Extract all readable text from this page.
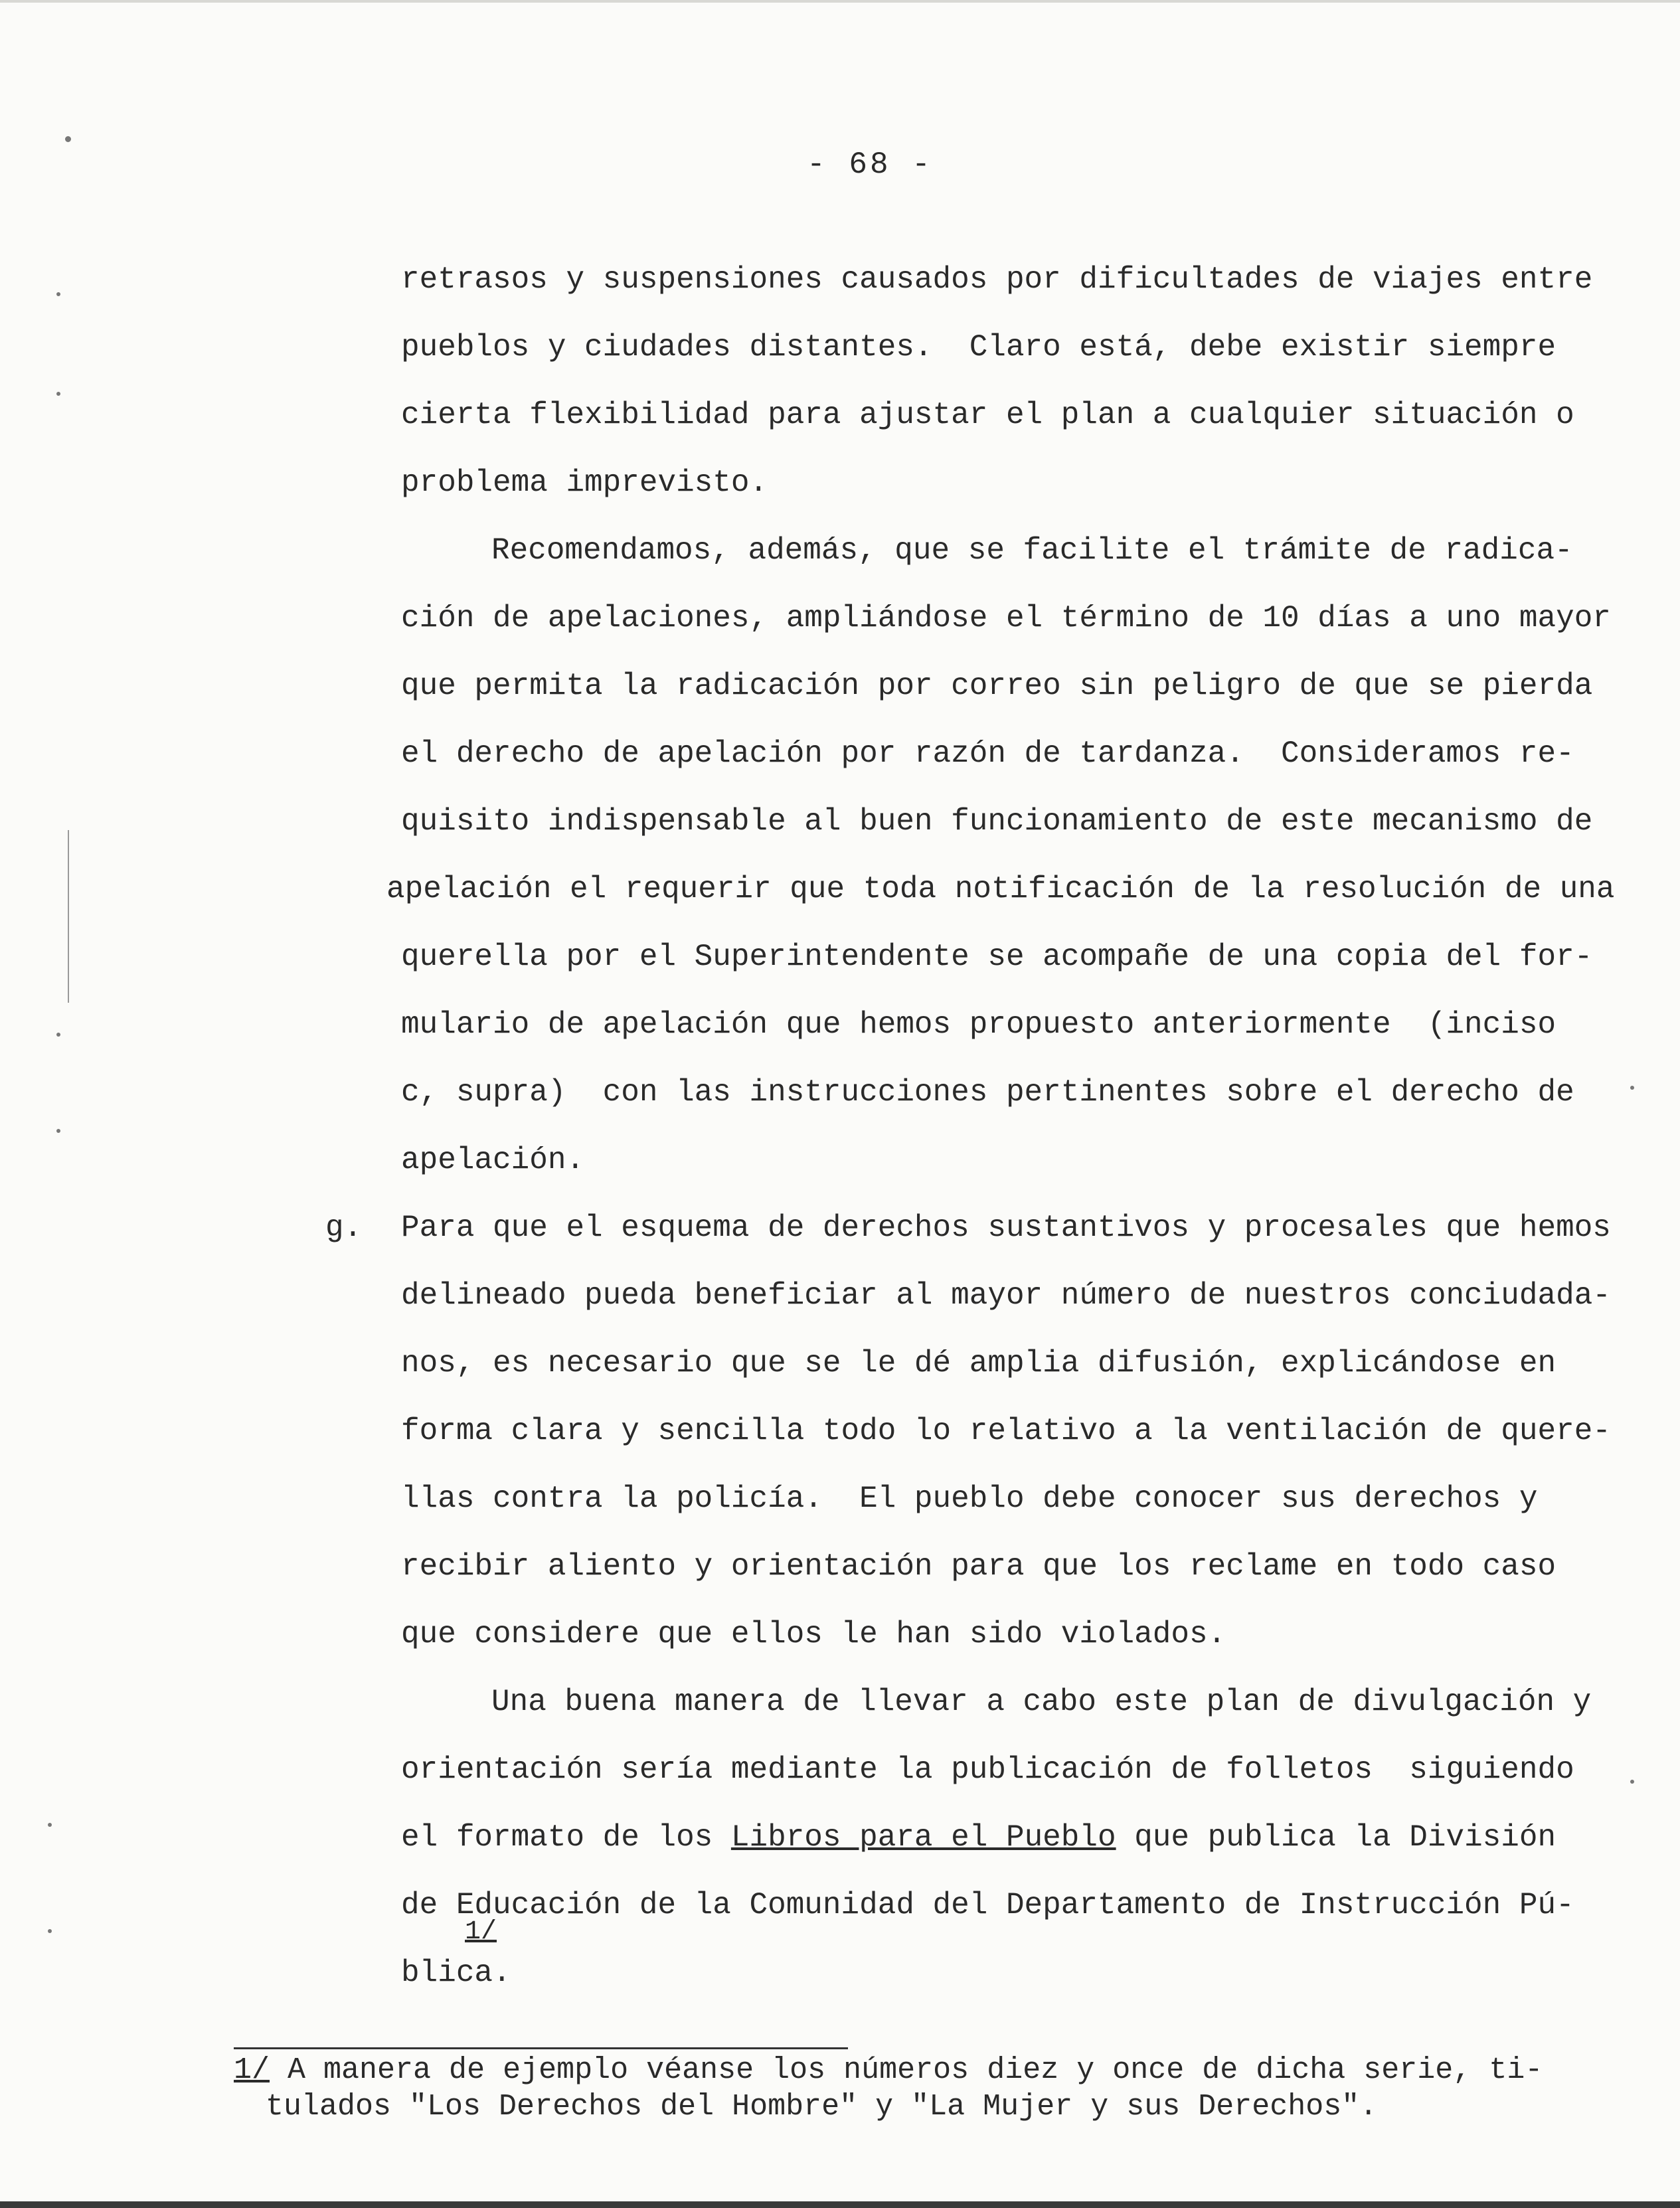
- 68 -
retrasos y suspensiones causados por dificultades de viajes entre
pueblos y ciudades distantes.  Claro está, debe existir siempre
cierta flexibilidad para ajustar el plan a cualquier situación o
problema imprevisto.
Recomendamos, además, que se facilite el trámite de radica-
ción de apelaciones, ampliándose el término de 10 días a uno mayor
que permita la radicación por correo sin peligro de que se pierda
el derecho de apelación por razón de tardanza.  Consideramos re-
quisito indispensable al buen funcionamiento de este mecanismo de
apelación el requerir que toda notificación de la resolución de una
querella por el Superintendente se acompañe de una copia del for-
mulario de apelación que hemos propuesto anteriormente  (inciso
c, supra)  con las instrucciones pertinentes sobre el derecho de
apelación.
g. Para que el esquema de derechos sustantivos y procesales que hemos
delineado pueda beneficiar al mayor número de nuestros conciudada-
nos, es necesario que se le dé amplia difusión, explicándose en
forma clara y sencilla todo lo relativo a la ventilación de quere-
llas contra la policía.  El pueblo debe conocer sus derechos y
recibir aliento y orientación para que los reclame en todo caso
que considere que ellos le han sido violados.
Una buena manera de llevar a cabo este plan de divulgación y
orientación sería mediante la publicación de folletos  siguiendo
el formato de los Libros para el Pueblo que publica la División
de Educación de la Comunidad del Departamento de Instrucción Pú-
1/
blica.
1/ A manera de ejemplo véanse los números diez y once de dicha serie, ti-
tulados "Los Derechos del Hombre" y "La Mujer y sus Derechos".
